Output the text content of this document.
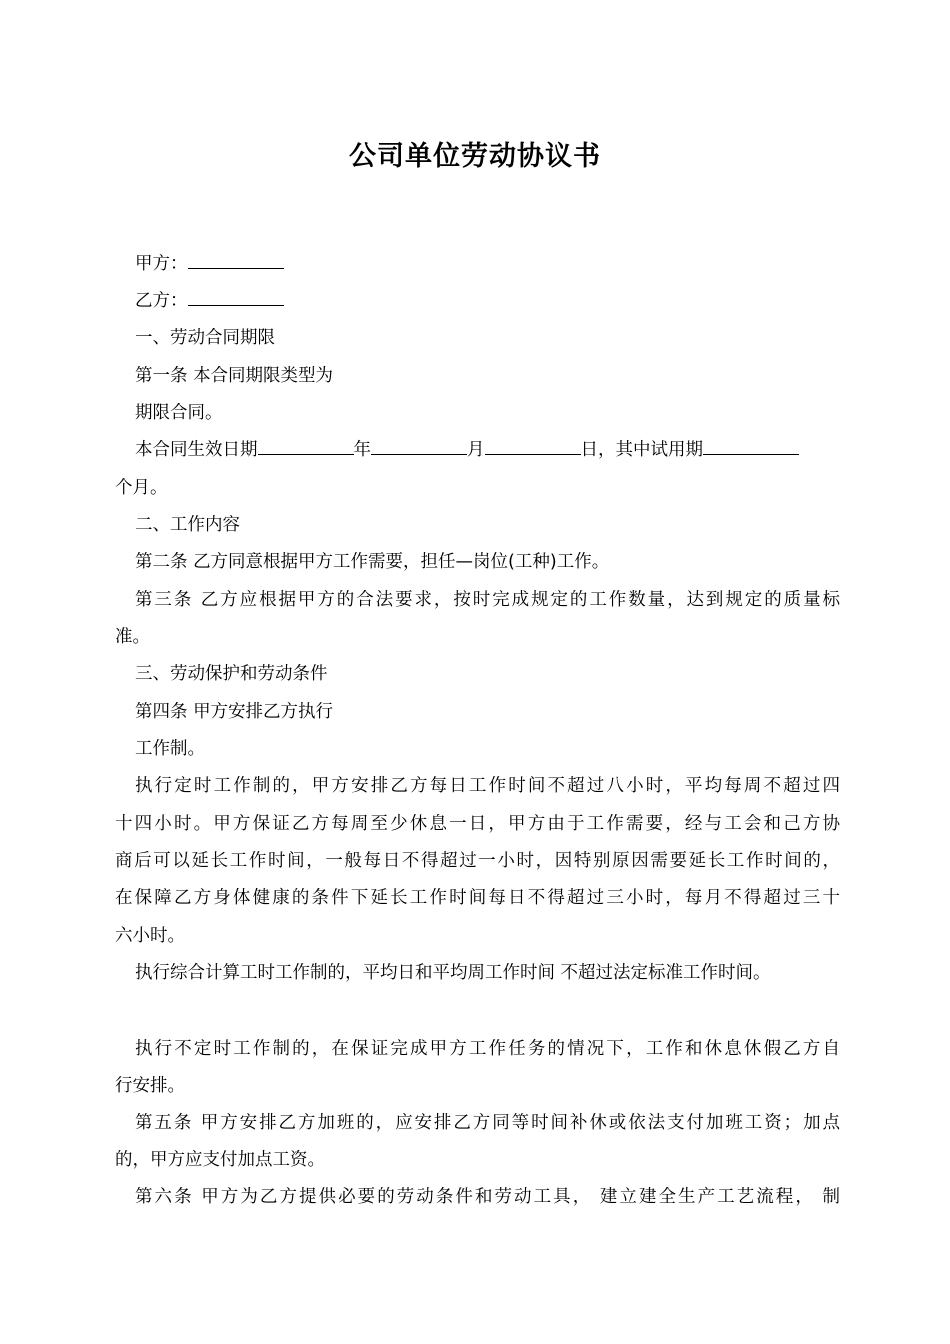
公司单位劳动协议书
甲方：
乙方：
一、劳动合同期限
第一条 本合同期限类型为
期限合同。
本合同生效日期	年	月	日，其中试用期
个月。
二、工作内容
第二条 乙方同意根据甲方工作需要，担任—岗位(工种)工作。
第三条 乙方应根据甲方的合法要求，按时完成规定的工作数量，达到规定的质量标
准。
三、劳动保护和劳动条件
第四条 甲方安排乙方执行
工作制。
执行定时工作制的，甲方安排乙方每日工作时间不超过八小时，平均每周不超过四
十四小时。甲方保证乙方每周至少休息一日，甲方由于工作需要，经与工会和己方协
商后可以延长工作时间，一般每日不得超过一小时，因特别原因需要延长工作时间的，
在保障乙方身体健康的条件下延长工作时间每日不得超过三小时，每月不得超过三十
六小时。
执行综合计算工时工作制的，平均日和平均周工作时间 不超过法定标准工作时间。
执行不定时工作制的，在保证完成甲方工作任务的情况下，工作和休息休假乙方自
行安排。
第五条 甲方安排乙方加班的，应安排乙方同等时间补休或依法支付加班工资；加点
的，甲方应支付加点工资。
第六条 甲方为乙方提供必要的劳动条件和劳动工具， 建立建全生产工艺流程， 制
